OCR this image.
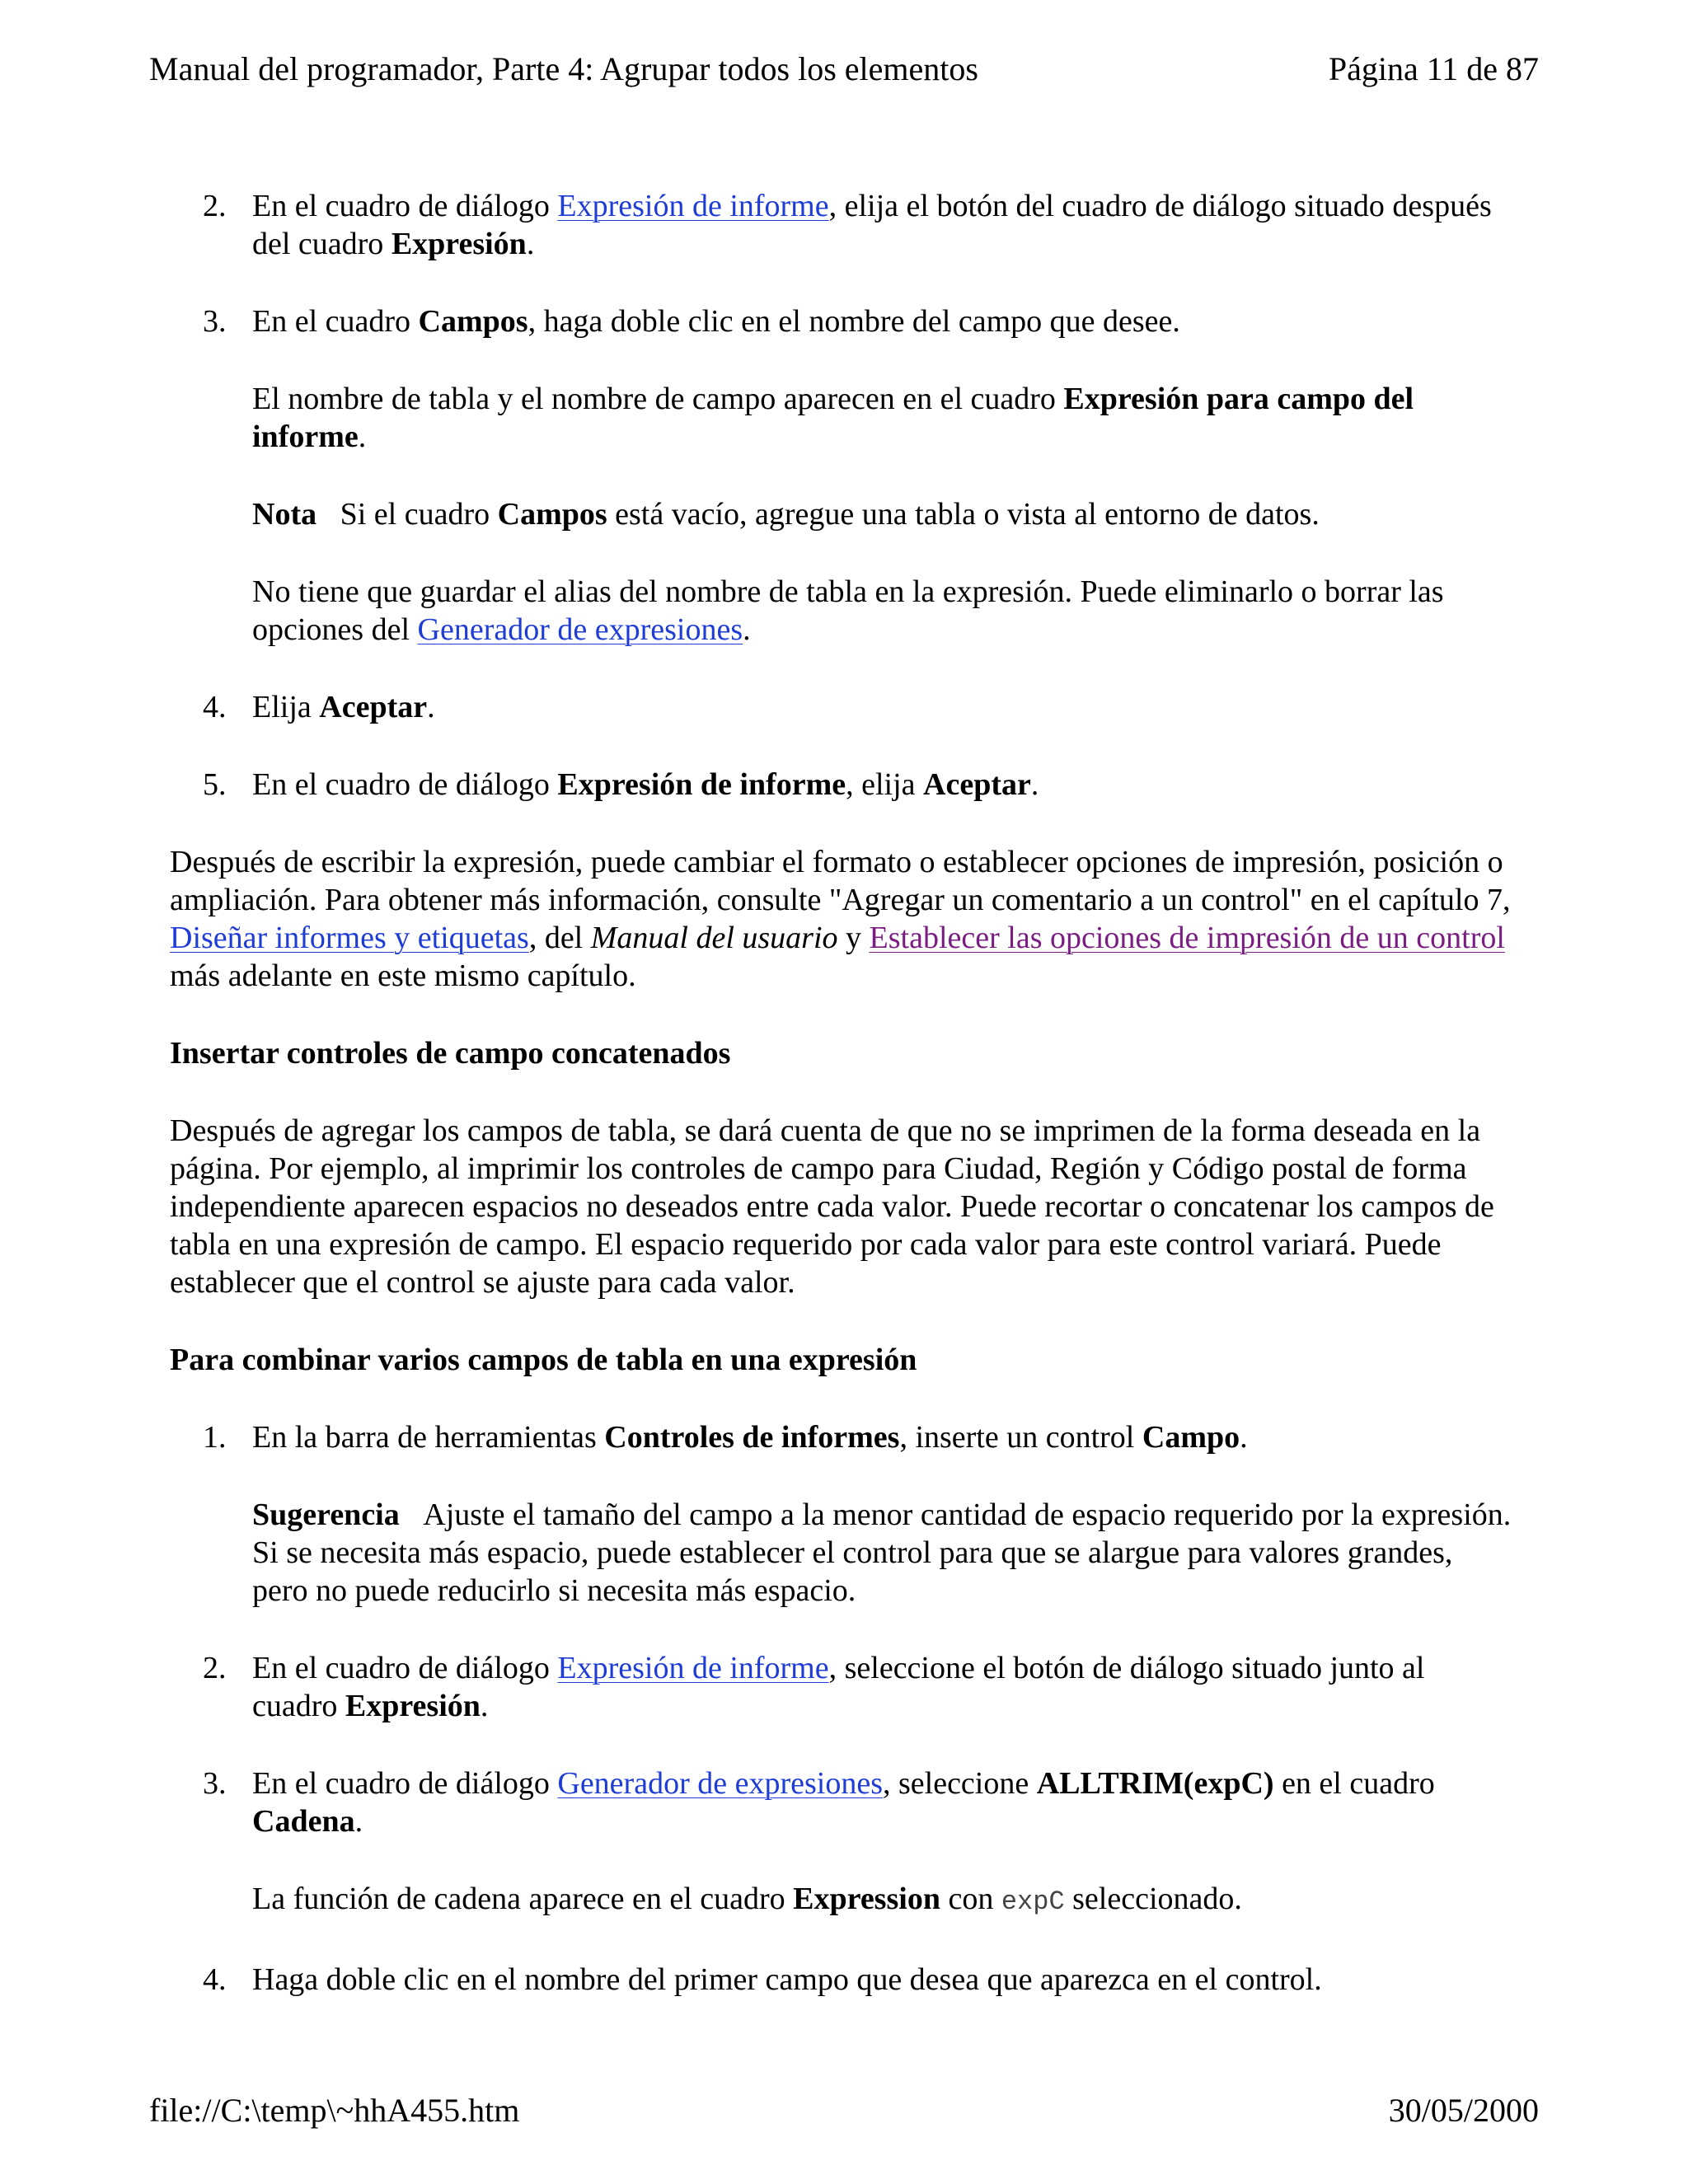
Manual del programador, Parte 4: Agrupar todos los elementos	Página 11 de 87

2. En el cuadro de diálogo Expresión de informe, elija el botón del cuadro de diálogo situado después del cuadro Expresión.

3. En el cuadro Campos, haga doble clic en el nombre del campo que desee.

El nombre de tabla y el nombre de campo aparecen en el cuadro Expresión para campo del informe.

Nota Si el cuadro Campos está vacío, agregue una tabla o vista al entorno de datos.

No tiene que guardar el alias del nombre de tabla en la expresión. Puede eliminarlo o borrar las opciones del Generador de expresiones.

4. Elija Aceptar.

5. En el cuadro de diálogo Expresión de informe, elija Aceptar.

Después de escribir la expresión, puede cambiar el formato o establecer opciones de impresión, posición o ampliación. Para obtener más información, consulte "Agregar un comentario a un control" en el capítulo 7, Diseñar informes y etiquetas, del Manual del usuario y Establecer las opciones de impresión de un control más adelante en este mismo capítulo.

Insertar controles de campo concatenados

Después de agregar los campos de tabla, se dará cuenta de que no se imprimen de la forma deseada en la página. Por ejemplo, al imprimir los controles de campo para Ciudad, Región y Código postal de forma independiente aparecen espacios no deseados entre cada valor. Puede recortar o concatenar los campos de tabla en una expresión de campo. El espacio requerido por cada valor para este control variará. Puede establecer que el control se ajuste para cada valor.

Para combinar varios campos de tabla en una expresión

1. En la barra de herramientas Controles de informes, inserte un control Campo.

Sugerencia Ajuste el tamaño del campo a la menor cantidad de espacio requerido por la expresión. Si se necesita más espacio, puede establecer el control para que se alargue para valores grandes, pero no puede reducirlo si necesita más espacio.

2. En el cuadro de diálogo Expresión de informe, seleccione el botón de diálogo situado junto al cuadro Expresión.

3. En el cuadro de diálogo Generador de expresiones, seleccione ALLTRIM(expC) en el cuadro Cadena.

La función de cadena aparece en el cuadro Expression con expC seleccionado.

4. Haga doble clic en el nombre del primer campo que desea que aparezca en el control.

file://C:\temp\~hhA455.htm	30/05/2000
